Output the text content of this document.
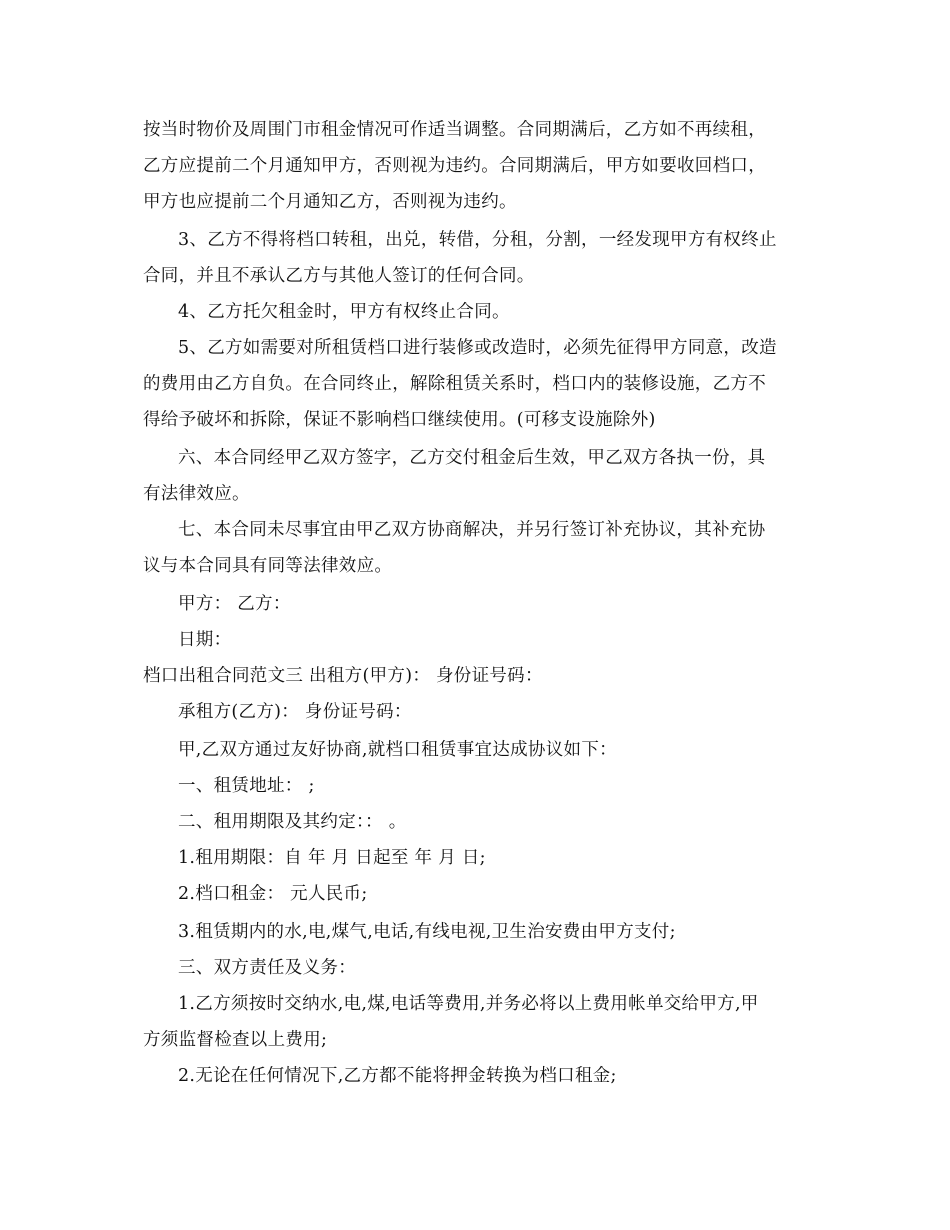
按当时物价及周围门市租金情况可作适当调整。合同期满后，乙方如不再续租，
乙方应提前二个月通知甲方，否则视为违约。合同期满后，甲方如要收回档口，
甲方也应提前二个月通知乙方，否则视为违约。
3、乙方不得将档口转租，出兑，转借，分租，分割，一经发现甲方有权终止
合同，并且不承认乙方与其他人签订的任何合同。
4、乙方托欠租金时，甲方有权终止合同。
5、乙方如需要对所租赁档口进行装修或改造时，必须先征得甲方同意，改造
的费用由乙方自负。在合同终止，解除租赁关系时，档口内的装修设施，乙方不
得给予破坏和拆除，保证不影响档口继续使用。(可移支设施除外)
六、本合同经甲乙双方签字，乙方交付租金后生效，甲乙双方各执一份，具
有法律效应。
七、本合同未尽事宜由甲乙双方协商解决，并另行签订补充协议，其补充协
议与本合同具有同等法律效应。
甲方： 乙方：
日期：
档口出租合同范文三 出租方(甲方)： 身份证号码：
承租方(乙方)： 身份证号码：
甲,乙双方通过友好协商,就档口租赁事宜达成协议如下：
一、租赁地址： ;
二、租用期限及其约定：： 。
1.租用期限：自 年 月 日起至 年 月 日;
2.档口租金： 元人民币;
3.租赁期内的水,电,煤气,电话,有线电视,卫生治安费由甲方支付;
三、双方责任及义务：
1.乙方须按时交纳水,电,煤,电话等费用,并务必将以上费用帐单交给甲方,甲
方须监督检查以上费用;
2.无论在任何情况下,乙方都不能将押金转换为档口租金;
